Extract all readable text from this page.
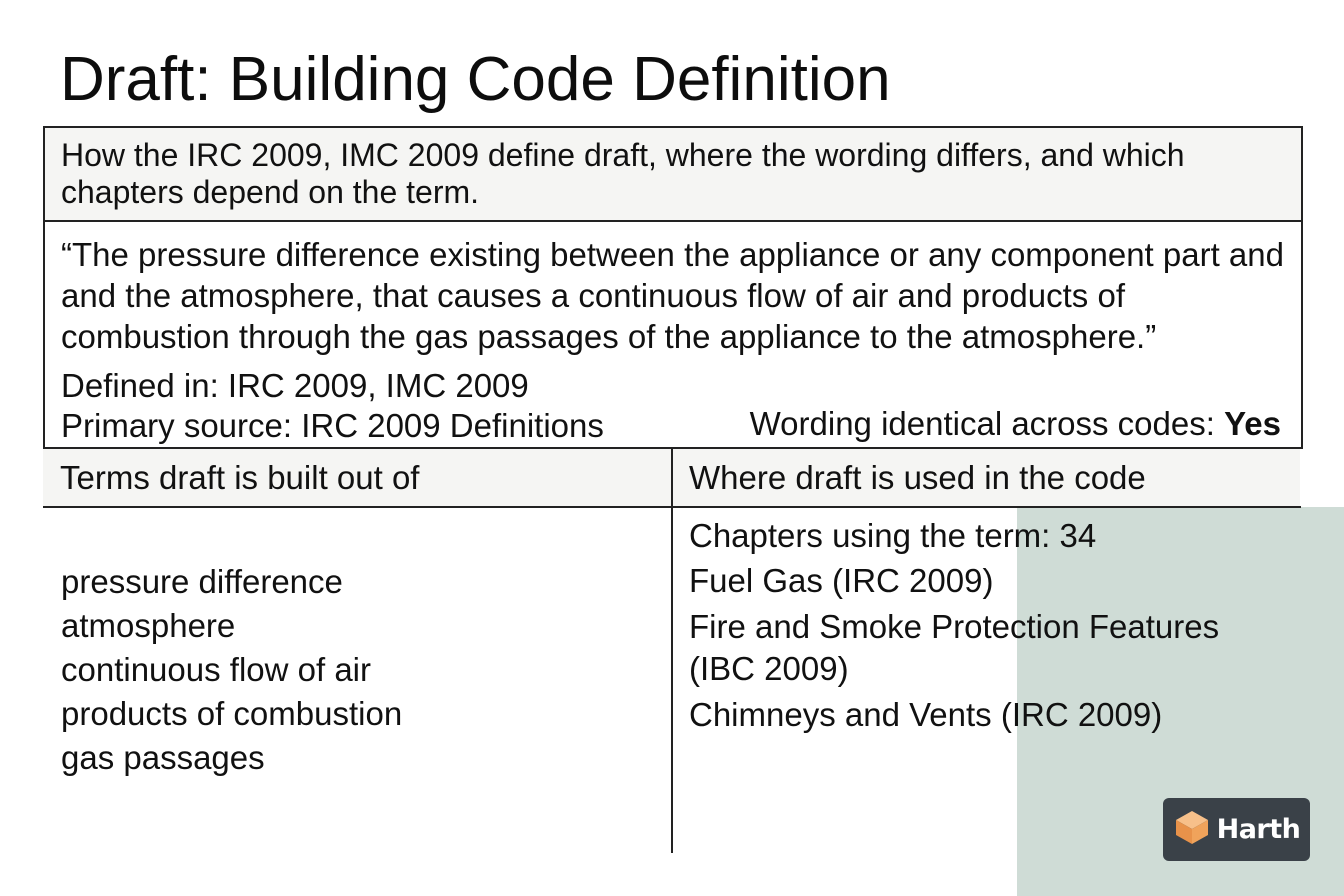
Draft: Building Code Definition
How the IRC 2009, IMC 2009 define draft, where the wording differs, and which chapters depend on the term.

“The pressure difference existing between the appliance or any component part and and the atmosphere, that causes a continuous flow of air and products of combustion through the gas passages of the appliance to the atmosphere.”

Defined in: IRC 2009, IMC 2009
Primary source: IRC 2009 Definitions	Wording identical across codes: Yes
Terms draft is built out of	Where draft is used in the code
pressure difference
atmosphere
continuous flow of air
products of combustion
gas passages
Chapters using the term: 34
Fuel Gas (IRC 2009)
Fire and Smoke Protection Features (IBC 2009)
Chimneys and Vents (IRC 2009)
Harth
